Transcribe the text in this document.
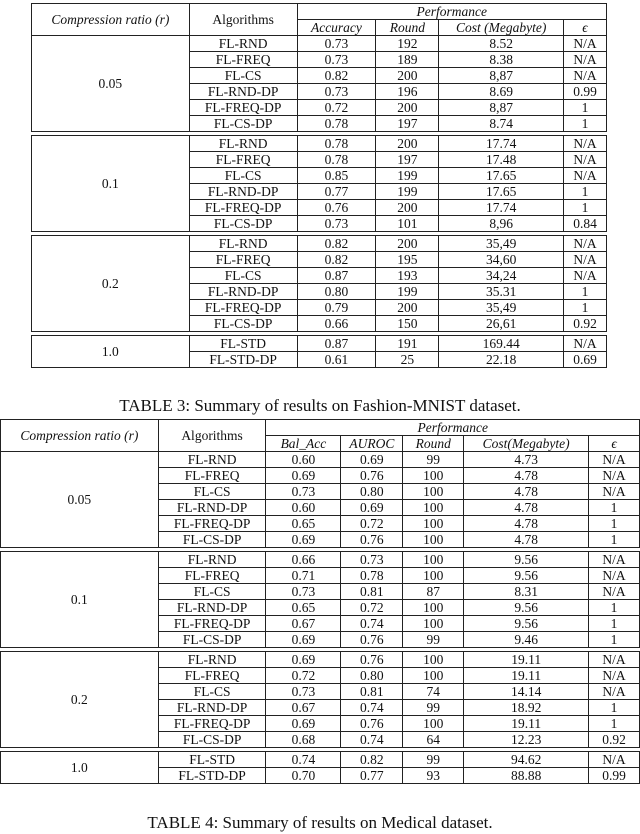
Compression ratio (r)	Algorithms	Performance			
		Accuracy	Round	Cost (Megabyte)	ϵ
0.05	FL-RND	0.73	192	8.52	N/A
	FL-FREQ	0.73	189	8.38	N/A
	FL-CS	0.82	200	8,87	N/A
	FL-RND-DP	0.73	196	8.69	0.99
	FL-FREQ-DP	0.72	200	8,87	1
	FL-CS-DP	0.78	197	8.74	1

0.1	FL-RND	0.78	200	17.74	N/A
	FL-FREQ	0.78	197	17.48	N/A
	FL-CS	0.85	199	17.65	N/A
	FL-RND-DP	0.77	199	17.65	1
	FL-FREQ-DP	0.76	200	17.74	1
	FL-CS-DP	0.73	101	8,96	0.84

0.2	FL-RND	0.82	200	35,49	N/A
	FL-FREQ	0.82	195	34,60	N/A
	FL-CS	0.87	193	34,24	N/A
	FL-RND-DP	0.80	199	35.31	1
	FL-FREQ-DP	0.79	200	35,49	1
	FL-CS-DP	0.66	150	26,61	0.92

1.0	FL-STD	0.87	191	169.44	N/A
	FL-STD-DP	0.61	25	22.18	0.69
TABLE 3: Summary of results on Fashion-MNIST dataset.
Compression ratio (r)	Algorithms	Performance				
		Bal_Acc	AUROC	Round	Cost(Megabyte)	ϵ
0.05	FL-RND	0.60	0.69	99	4.73	N/A
	FL-FREQ	0.69	0.76	100	4.78	N/A
	FL-CS	0.73	0.80	100	4.78	N/A
	FL-RND-DP	0.60	0.69	100	4.78	1
	FL-FREQ-DP	0.65	0.72	100	4.78	1
	FL-CS-DP	0.69	0.76	100	4.78	1

0.1	FL-RND	0.66	0.73	100	9.56	N/A
	FL-FREQ	0.71	0.78	100	9.56	N/A
	FL-CS	0.73	0.81	87	8.31	N/A
	FL-RND-DP	0.65	0.72	100	9.56	1
	FL-FREQ-DP	0.67	0.74	100	9.56	1
	FL-CS-DP	0.69	0.76	99	9.46	1

0.2	FL-RND	0.69	0.76	100	19.11	N/A
	FL-FREQ	0.72	0.80	100	19.11	N/A
	FL-CS	0.73	0.81	74	14.14	N/A
	FL-RND-DP	0.67	0.74	99	18.92	1
	FL-FREQ-DP	0.69	0.76	100	19.11	1
	FL-CS-DP	0.68	0.74	64	12.23	0.92

1.0	FL-STD	0.74	0.82	99	94.62	N/A
	FL-STD-DP	0.70	0.77	93	88.88	0.99
TABLE 4: Summary of results on Medical dataset.
